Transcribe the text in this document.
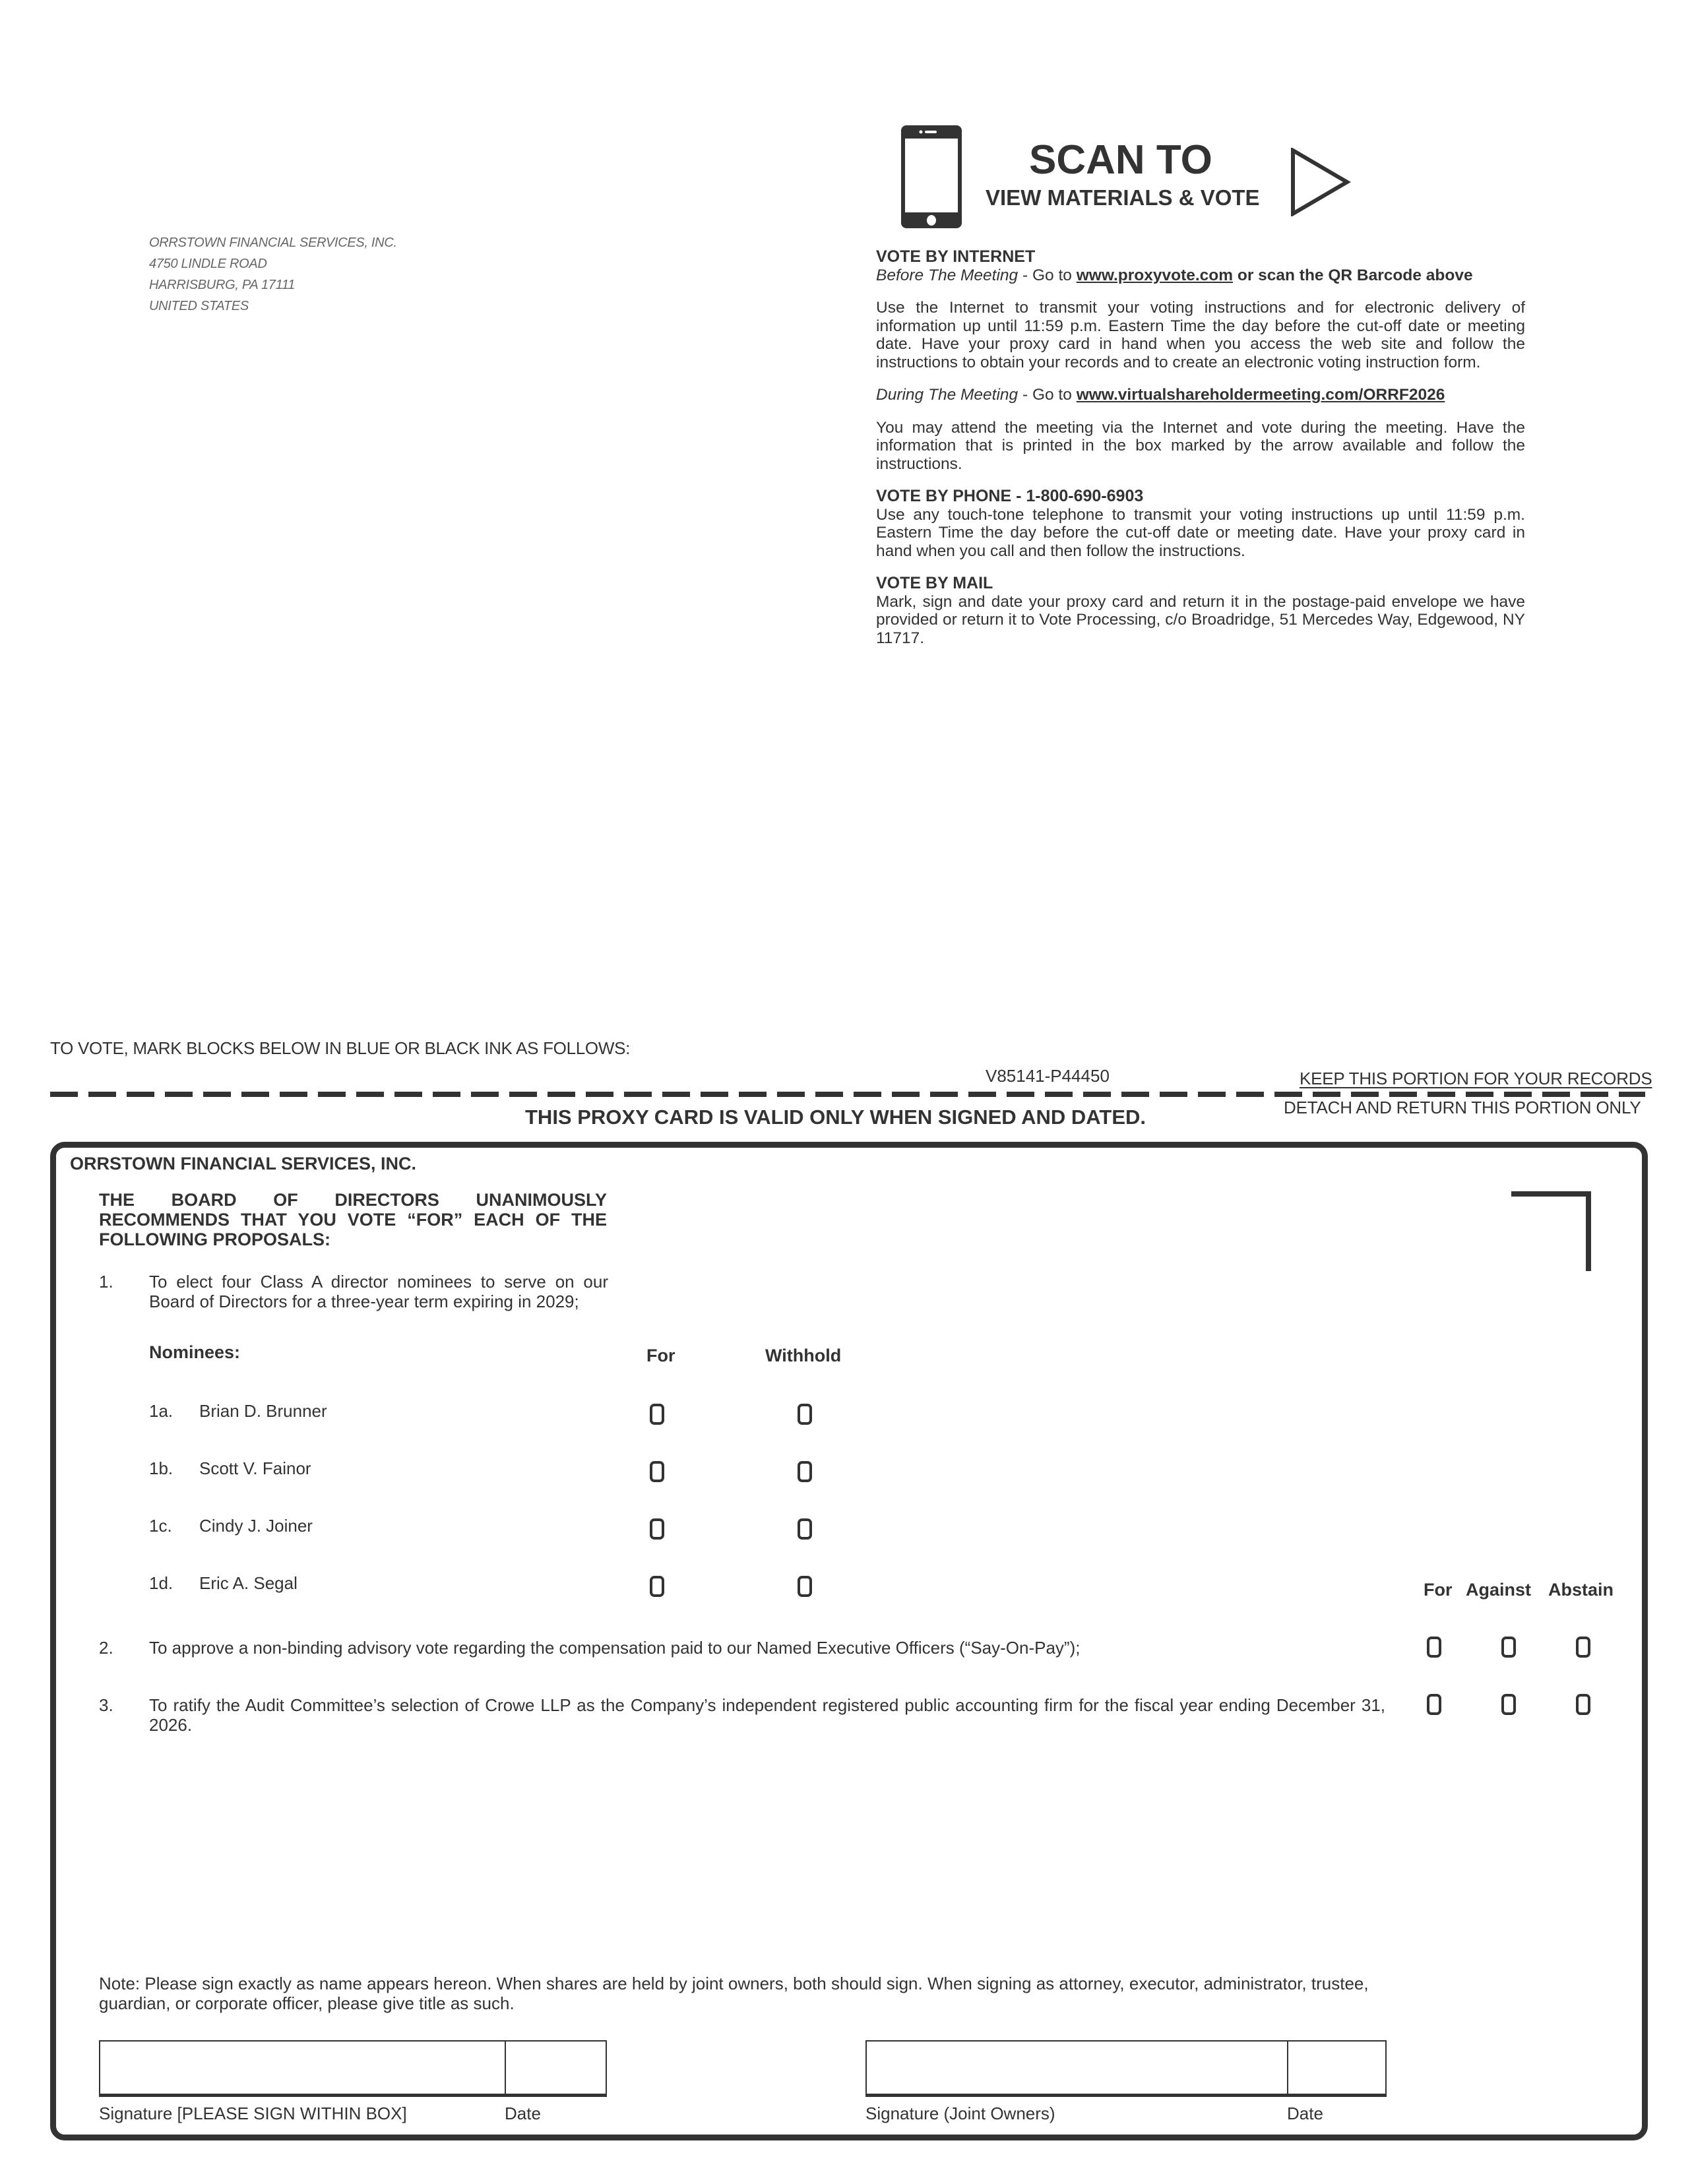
ORRSTOWN FINANCIAL SERVICES, INC.
4750 LINDLE ROAD
HARRISBURG, PA 17111
UNITED STATES
SCAN TO
VIEW MATERIALS & VOTE
VOTE BY INTERNET

Before The Meeting - Go to www.proxyvote.com or scan the QR Barcode above

Use the Internet to transmit your voting instructions and for electronic delivery of information up until 11:59 p.m. Eastern Time the day before the cut-off date or meeting date. Have your proxy card in hand when you access the web site and follow the instructions to obtain your records and to create an electronic voting instruction form.

During The Meeting - Go to www.virtualshareholdermeeting.com/ORRF2026

You may attend the meeting via the Internet and vote during the meeting. Have the information that is printed in the box marked by the arrow available and follow the instructions.

VOTE BY PHONE - 1-800-690-6903

Use any touch-tone telephone to transmit your voting instructions up until 11:59 p.m. Eastern Time the day before the cut-off date or meeting date. Have your proxy card in hand when you call and then follow the instructions.

VOTE BY MAIL

Mark, sign and date your proxy card and return it in the postage-paid envelope we have provided or return it to Vote Processing, c/o Broadridge, 51 Mercedes Way, Edgewood, NY 11717.

TO VOTE, MARK BLOCKS BELOW IN BLUE OR BLACK INK AS FOLLOWS:
V85141-P44450	KEEP THIS PORTION FOR YOUR RECORDS
DETACH AND RETURN THIS PORTION ONLY
THIS PROXY CARD IS VALID ONLY WHEN SIGNED AND DATED.
ORRSTOWN FINANCIAL SERVICES, INC.
THE BOARD OF DIRECTORS UNANIMOUSLY RECOMMENDS THAT YOU VOTE “FOR” EACH OF THE FOLLOWING PROPOSALS:
1. To elect four Class A director nominees to serve on our Board of Directors for a three-year term expiring in 2029;
Nominees:	For	Withhold
1a. Brian D. Brunner
1b. Scott V. Fainor
1c. Cindy J. Joiner
1d. Eric A. Segal	For Against Abstain
2. To approve a non-binding advisory vote regarding the compensation paid to our Named Executive Officers (“Say-On-Pay”);
3. To ratify the Audit Committee’s selection of Crowe LLP as the Company’s independent registered public accounting firm for the fiscal year ending December 31, 2026.
Note: Please sign exactly as name appears hereon. When shares are held by joint owners, both should sign. When signing as attorney, executor, administrator, trustee, guardian, or corporate officer, please give title as such.
Signature [PLEASE SIGN WITHIN BOX]	Date	Signature (Joint Owners)	Date
